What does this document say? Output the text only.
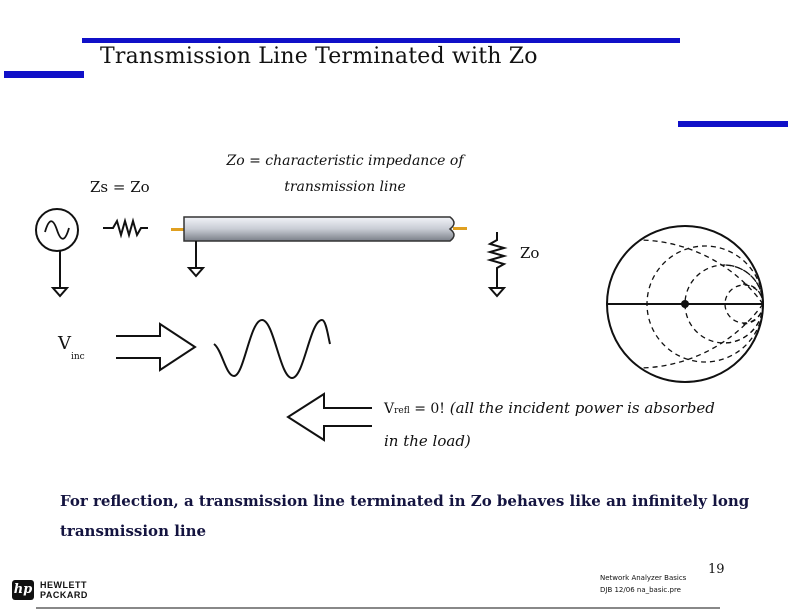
Transmission Line Terminated with Zo
Zo = characteristic impedance of transmission line
Zs = Zo
Zo
$V_{inc}$
Vrefl = 0! (all the incident power is absorbed in the load)
For reflection, a transmission line terminated in Zo behaves like an infinitely long transmission line
19
Network Analyzer Basics
DJB 12/06 na_basic.pre
hp HEWLETT
PACKARD
